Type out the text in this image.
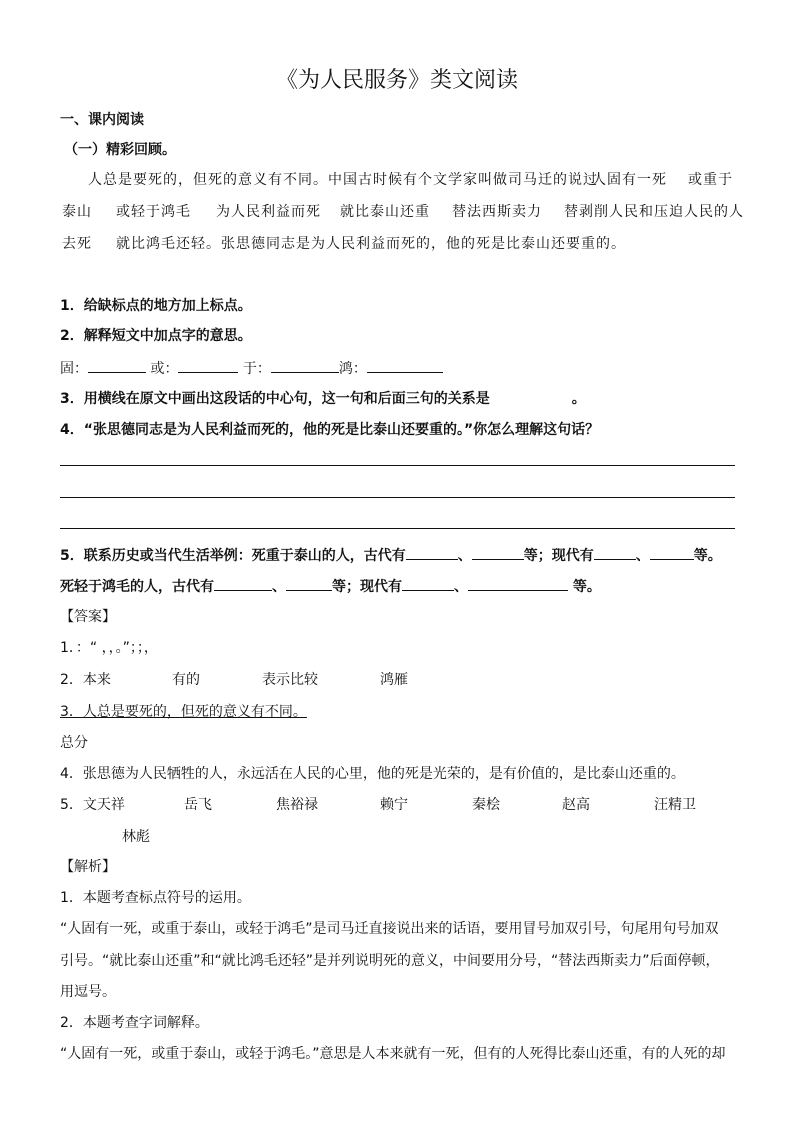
《为人民服务》类文阅读
一、课内阅读
（一）精彩回顾。
人总是要死的，但死的意义有不同。中国古时候有个文学家叫做司马迁的说过
人固有一死 或重于
泰山 或轻于鸿毛 为人民利益而死 就比泰山还重 替法西斯卖力 替剥削人民和压迫人民的人
去死 就比鸿毛还轻。张思德同志是为人民利益而死的，他的死是比泰山还要重的。
1．给缺标点的地方加上标点。
2．解释短文中加点字的意思。
固：	或：	于：	鸿：
3．用横线在原文中画出这段话的中心句，这一句和后面三句的关系是	。
4．“张思德同志是为人民利益而死的，他的死是比泰山还要重的。”你怎么理解这句话？
5．联系历史或当代生活举例：死重于泰山的人，古代有	、	等；现代有	、	等。
死轻于鸿毛的人，古代有	、	等；现代有	、	等。
【答案】
1．：“ ，，。”；；，
2．本来	有的	表示比较	鸿雁
3．人总是要死的，但死的意义有不同。
总分
4．张思德为人民牺牲的人，永远活在人民的心里，他的死是光荣的，是有价值的，是比泰山还重的。
5．文天祥	岳飞	焦裕禄	赖宁	秦桧	赵高	汪精卫
林彪
【解析】
1．本题考查标点符号的运用。
“人固有一死，或重于泰山，或轻于鸿毛”是司马迁直接说出来的话语，要用冒号加双引号，句尾用句号加双
引号。“就比泰山还重”和“就比鸿毛还轻”是并列说明死的意义，中间要用分号，“替法西斯卖力”后面停顿，
用逗号。
2．本题考查字词解释。
“人固有一死，或重于泰山，或轻于鸿毛。”意思是人本来就有一死，但有的人死得比泰山还重，有的人死的却
